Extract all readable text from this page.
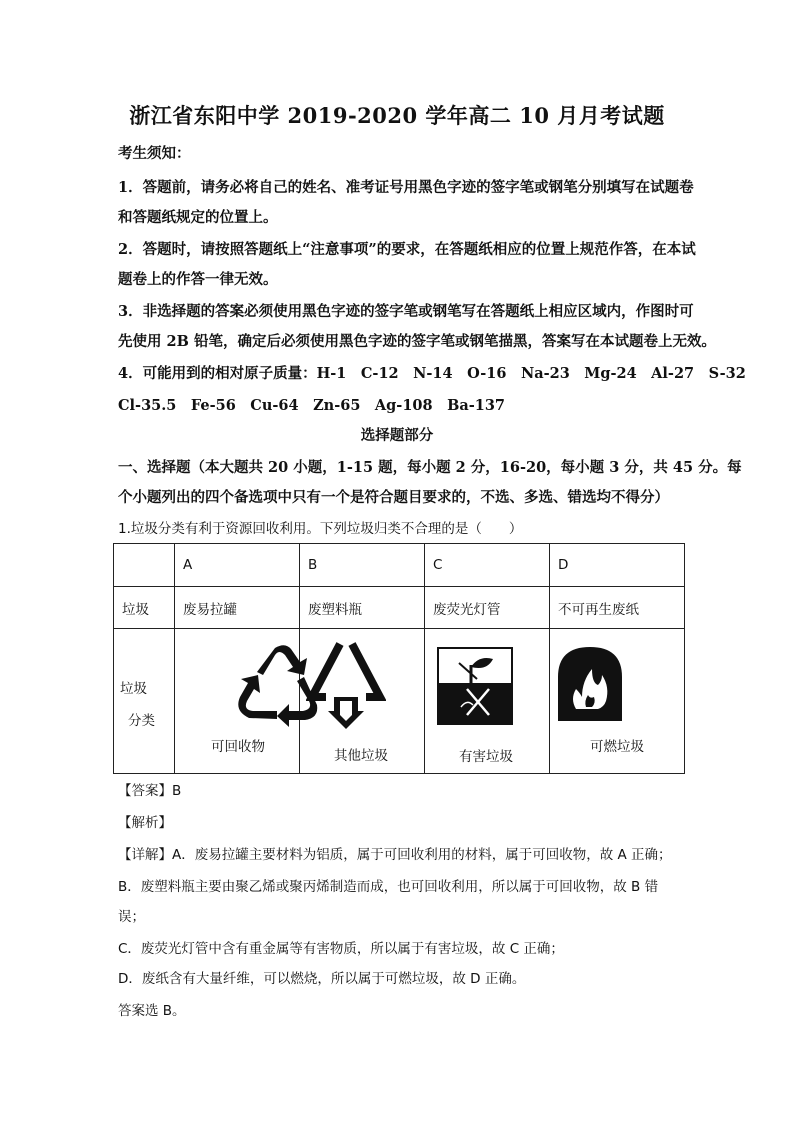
浙江省东阳中学 2019-2020 学年高二 10 月月考试题
考生须知：
1．答题前，请务必将自己的姓名、准考证号用黑色字迹的签字笔或钢笔分别填写在试题卷
和答题纸规定的位置上。
2．答题时，请按照答题纸上“注意事项”的要求，在答题纸相应的位置上规范作答，在本试
题卷上的作答一律无效。
3．非选择题的答案必须使用黑色字迹的签字笔或钢笔写在答题纸上相应区域内，作图时可
先使用 2B 铅笔，确定后必须使用黑色字迹的签字笔或钢笔描黑，答案写在本试题卷上无效。
4．可能用到的相对原子质量：H-1　C-12　N-14　O-16　Na-23　Mg-24　Al-27　S-32
Cl-35.5　Fe-56　Cu-64　Zn-65　Ag-108　Ba-137
选择题部分
一、选择题（本大题共 20 小题，1-15 题，每小题 2 分，16-20，每小题 3 分，共 45 分。每
个小题列出的四个备选项中只有一个是符合题目要求的，不选、多选、错选均不得分）
1.垃圾分类有利于资源回收利用。下列垃圾归类不合理的是（　　）
	A	B	C	D
垃圾	废易拉罐	废塑料瓶	废荧光灯管	不可再生废纸

垃圾
分类	可回收物	其他垃圾	有害垃圾	可燃垃圾
【答案】B
【解析】
【详解】A．废易拉罐主要材料为铝质，属于可回收利用的材料，属于可回收物，故 A 正确；
B．废塑料瓶主要由聚乙烯或聚丙烯制造而成，也可回收利用，所以属于可回收物，故 B 错
误；
C．废荧光灯管中含有重金属等有害物质，所以属于有害垃圾，故 C 正确；
D．废纸含有大量纤维，可以燃烧，所以属于可燃垃圾，故 D 正确。
答案选 B。
